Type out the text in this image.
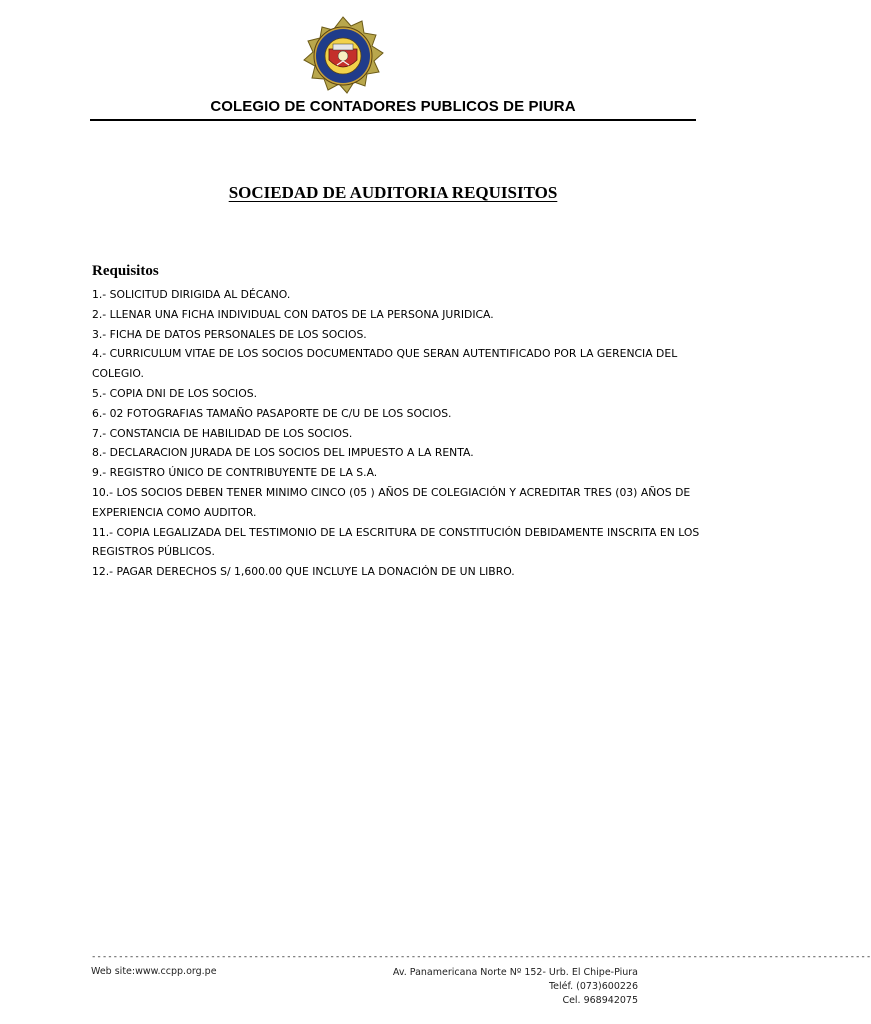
COLEGIO DE CONTADORES PUBLICOS DE PIURA
SOCIEDAD DE AUDITORIA REQUISITOS
Requisitos
1.- SOLICITUD DIRIGIDA AL DÉCANO.
2.- LLENAR UNA FICHA INDIVIDUAL CON DATOS DE LA PERSONA JURIDICA.
3.- FICHA DE DATOS PERSONALES DE LOS SOCIOS.
4.- CURRICULUM VITAE DE LOS SOCIOS DOCUMENTADO QUE SERAN AUTENTIFICADO POR LA GERENCIA DEL COLEGIO.
5.- COPIA DNI DE LOS SOCIOS.
6.- 02 FOTOGRAFIAS TAMAÑO PASAPORTE DE C/U DE LOS SOCIOS.
7.- CONSTANCIA DE HABILIDAD DE LOS SOCIOS.
8.- DECLARACION JURADA DE LOS SOCIOS DEL IMPUESTO A LA RENTA.
9.- REGISTRO ÚNICO DE CONTRIBUYENTE DE LA S.A.
10.- LOS SOCIOS DEBEN TENER MINIMO CINCO (05 ) AÑOS DE COLEGIACIÓN Y ACREDITAR TRES (03) AÑOS DE EXPERIENCIA COMO AUDITOR.
11.- COPIA LEGALIZADA DEL TESTIMONIO DE LA ESCRITURA DE CONSTITUCIÓN DEBIDAMENTE INSCRITA EN LOS REGISTROS PÚBLICOS.
12.- PAGAR DERECHOS S/ 1,600.00 QUE INCLUYE LA DONACIÓN DE UN LIBRO.
------------------------------------------------------------------------------------------------------------------------------------------------
Web site:www.ccpp.org.pe	Av. Panamericana Norte Nº 152- Urb. El Chipe-Piura
Teléf. (073)600226
Cel. 968942075
